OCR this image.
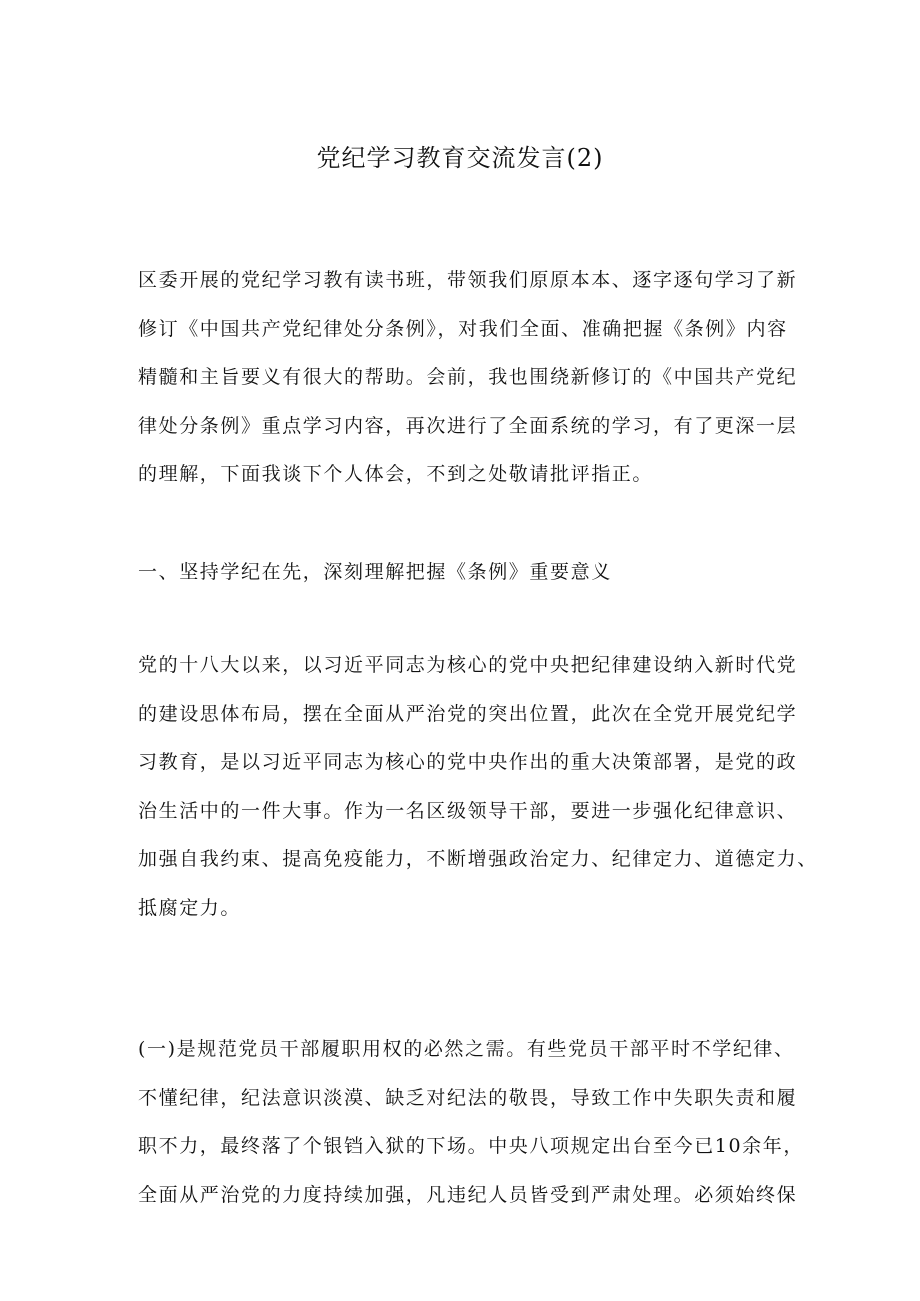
党纪学习教育交流发言(2)

区委开展的党纪学习教有读书班，带领我们原原本本、逐字逐句学习了新
修订《中国共产党纪律处分条例》，对我们全面、准确把握《条例》内容
精髓和主旨要义有很大的帮助。会前，我也围绕新修订的《中国共产党纪
律处分条例》重点学习内容，再次进行了全面系统的学习，有了更深一层
的理解，下面我谈下个人体会，不到之处敬请批评指正。

一、坚持学纪在先，深刻理解把握《条例》重要意义

党的十八大以来，以习近平同志为核心的党中央把纪律建设纳入新时代党
的建设思体布局，摆在全面从严治党的突出位置，此次在全党开展党纪学
习教育，是以习近平同志为核心的党中央作出的重大决策部署，是党的政
治生活中的一件大事。作为一名区级领导干部，要进一步强化纪律意识、
加强自我约束、提高免疫能力，不断增强政治定力、纪律定力、道德定力、
抵腐定力。

(一)是规范党员干部履职用权的必然之需。有些党员干部平时不学纪律、
不懂纪律，纪法意识淡漠、缺乏对纪法的敬畏，导致工作中失职失责和履
职不力，最终落了个银铛入狱的下场。中央八项规定出台至今已10余年，
全面从严治党的力度持续加强，凡违纪人员皆受到严肃处理。必须始终保
